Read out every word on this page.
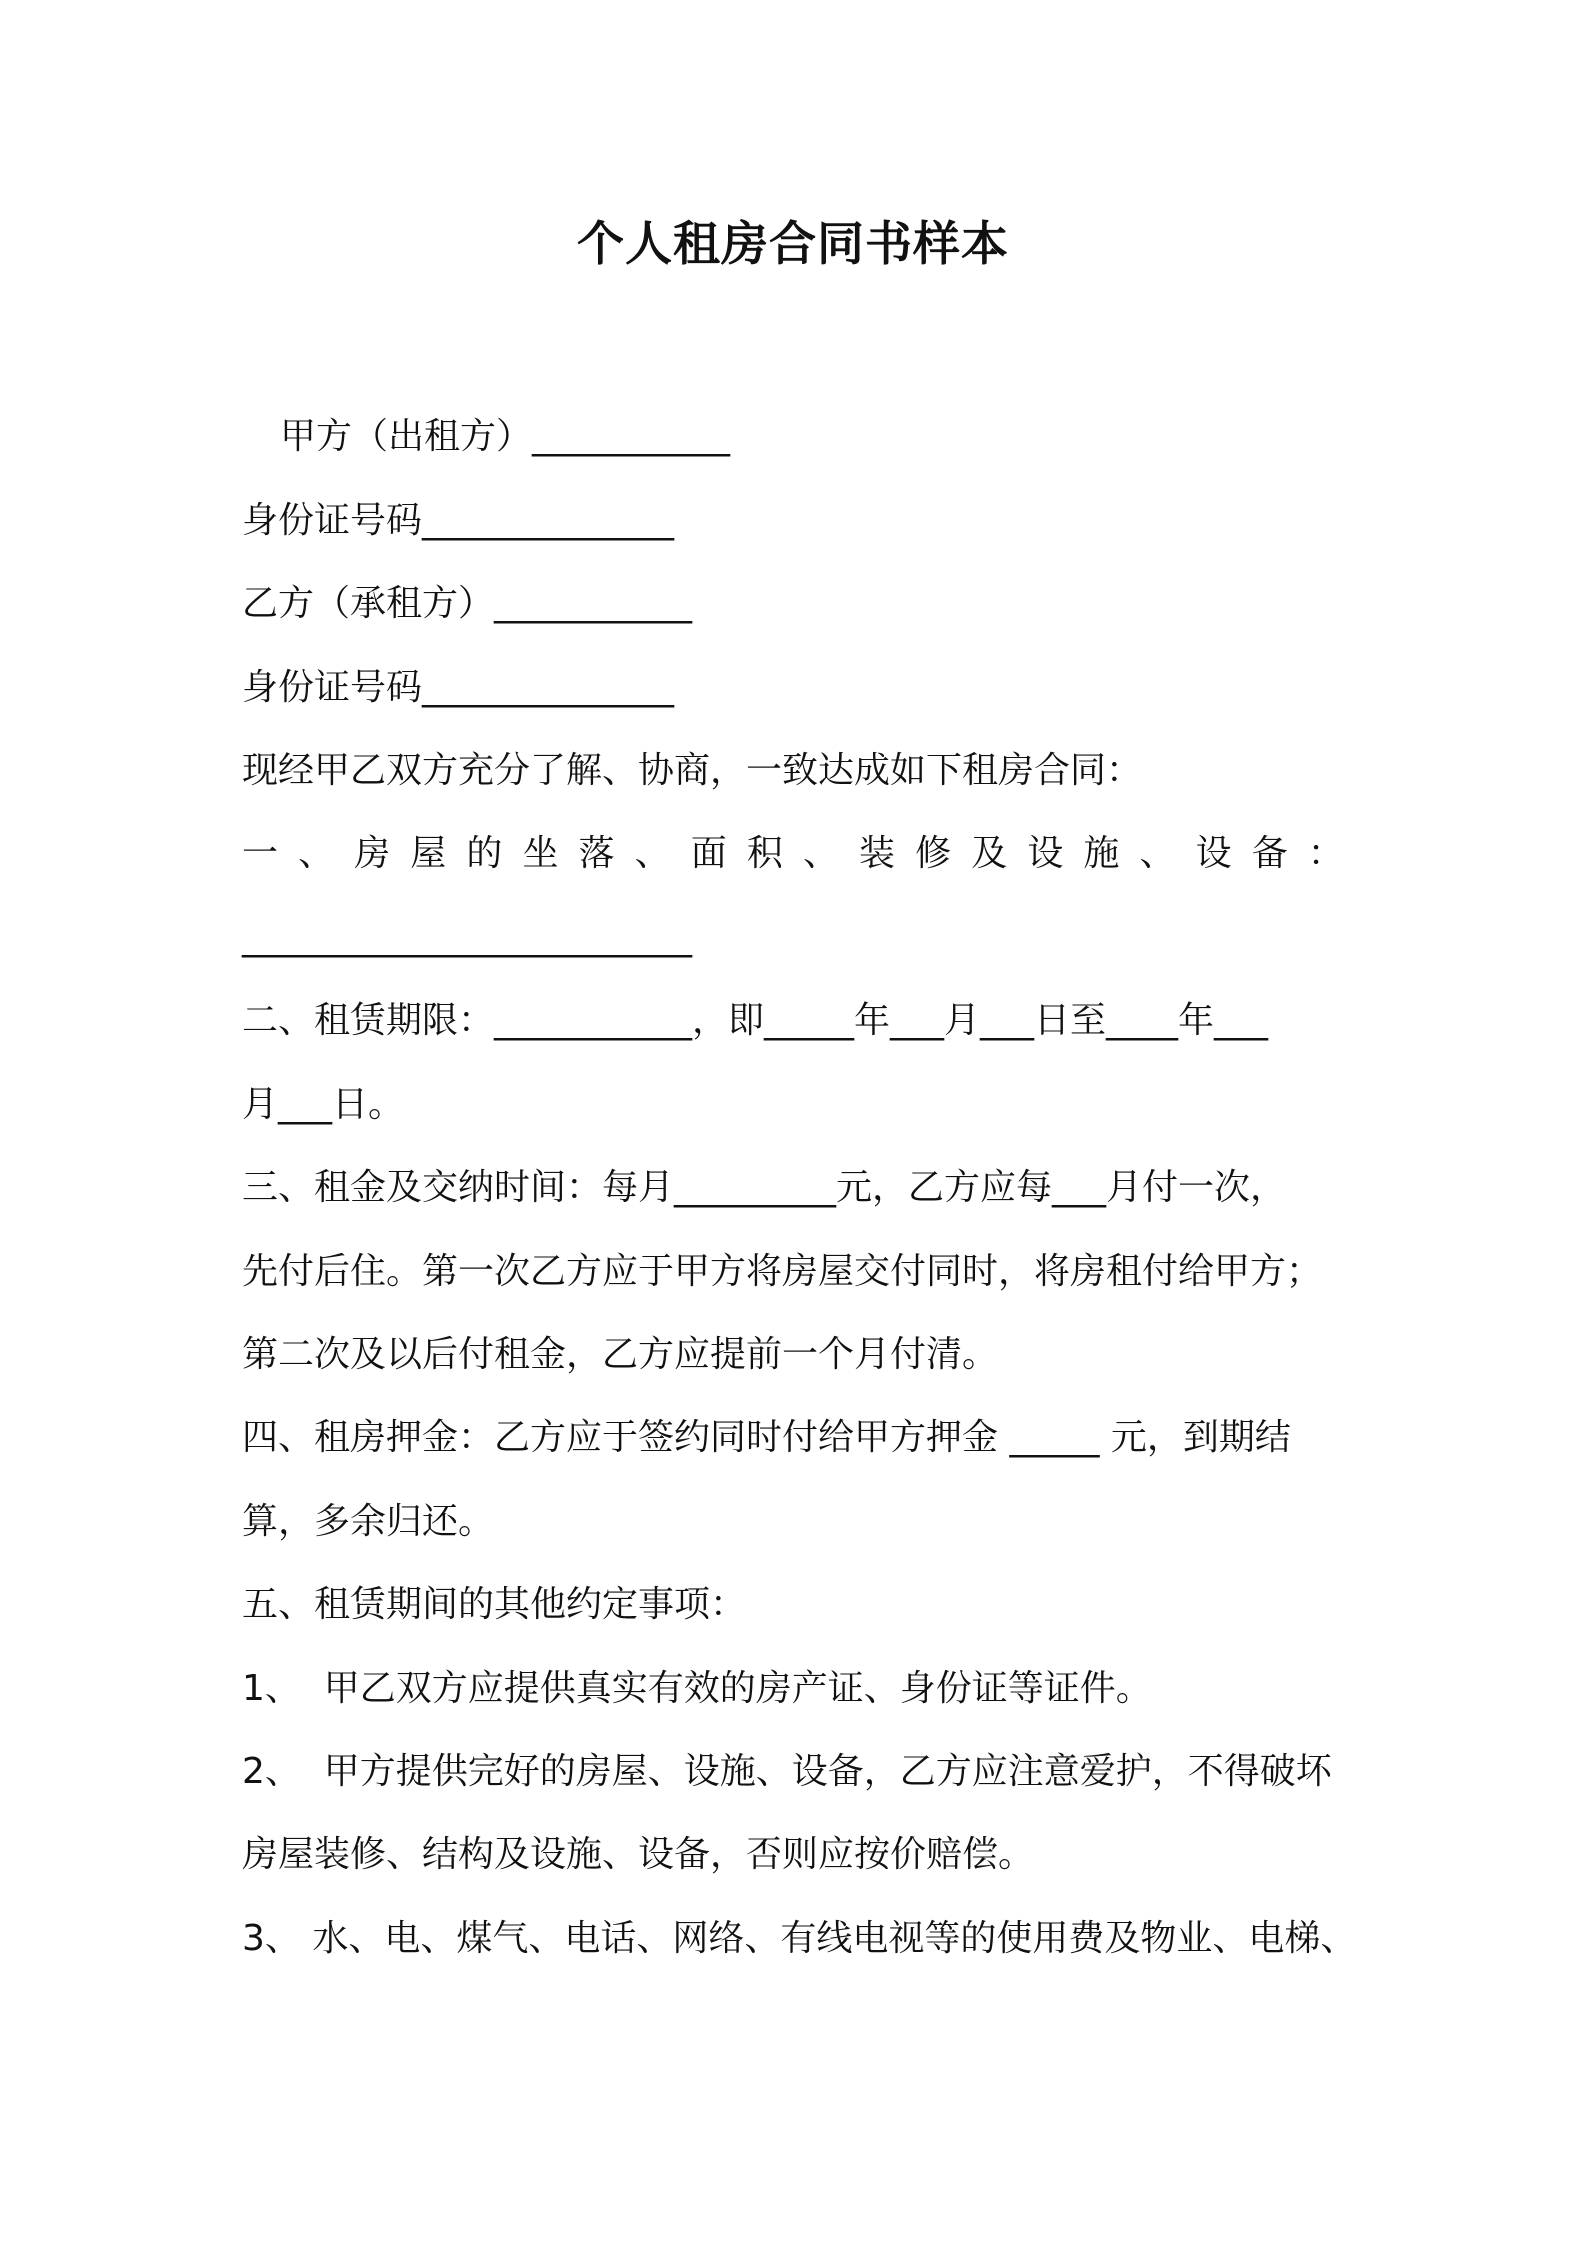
个人租房合同书样本
甲方（出租方）___________
身份证号码______________
乙方（承租方）___________
身份证号码______________
现经甲乙双方充分了解、协商，一致达成如下租房合同：
一 、 房 屋 的 坐 落 、 面 积 、 装 修 及 设 施 、 设 备 ：
_________________________
二、租赁期限：___________，即_____年___月___日至____年___
月___日。
三、租金及交纳时间：每月_________元，乙方应每___月付一次，
先付后住。第一次乙方应于甲方将房屋交付同时，将房租付给甲方；
第二次及以后付租金，乙方应提前一个月付清。
四、租房押金：乙方应于签约同时付给甲方押金 _____ 元，到期结
算，多余归还。
五、租赁期间的其他约定事项：
1、  甲乙双方应提供真实有效的房产证、身份证等证件。
2、  甲方提供完好的房屋、设施、设备，乙方应注意爱护，不得破坏
房屋装修、结构及设施、设备，否则应按价赔偿。
3、 水、电、煤气、电话、网络、有线电视等的使用费及物业、电梯、
